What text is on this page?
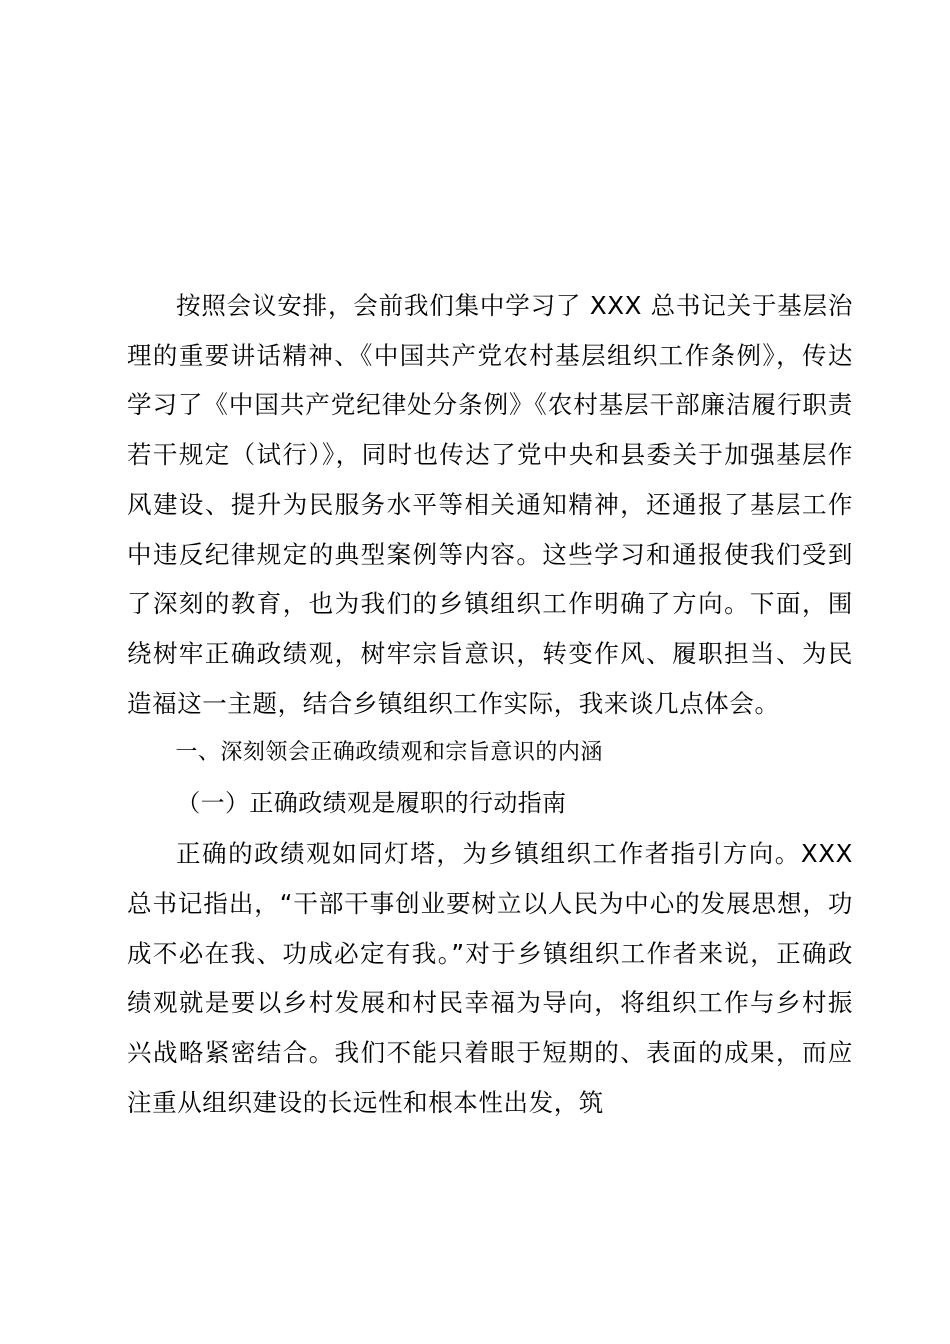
按照会议安排，会前我们集中学习了 XXX 总书记关于基层治理的重要讲话精神、《中国共产党农村基层组织工作条例》，传达学习了《中国共产党纪律处分条例》《农村基层干部廉洁履行职责若干规定（试行）》，同时也传达了党中央和县委关于加强基层作风建设、提升为民服务水平等相关通知精神，还通报了基层工作中违反纪律规定的典型案例等内容。这些学习和通报使我们受到了深刻的教育，也为我们的乡镇组织工作明确了方向。下面，围绕树牢正确政绩观，树牢宗旨意识，转变作风、履职担当、为民造福这一主题，结合乡镇组织工作实际，我来谈几点体会。

一、深刻领会正确政绩观和宗旨意识的内涵

（一）正确政绩观是履职的行动指南

正确的政绩观如同灯塔，为乡镇组织工作者指引方向。XXX 总书记指出，“干部干事创业要树立以人民为中心的发展思想，功成不必在我、功成必定有我。”对于乡镇组织工作者来说，正确政绩观就是要以乡村发展和村民幸福为导向，将组织工作与乡村振兴战略紧密结合。我们不能只着眼于短期的、表面的成果，而应注重从组织建设的长远性和根本性出发，筑
